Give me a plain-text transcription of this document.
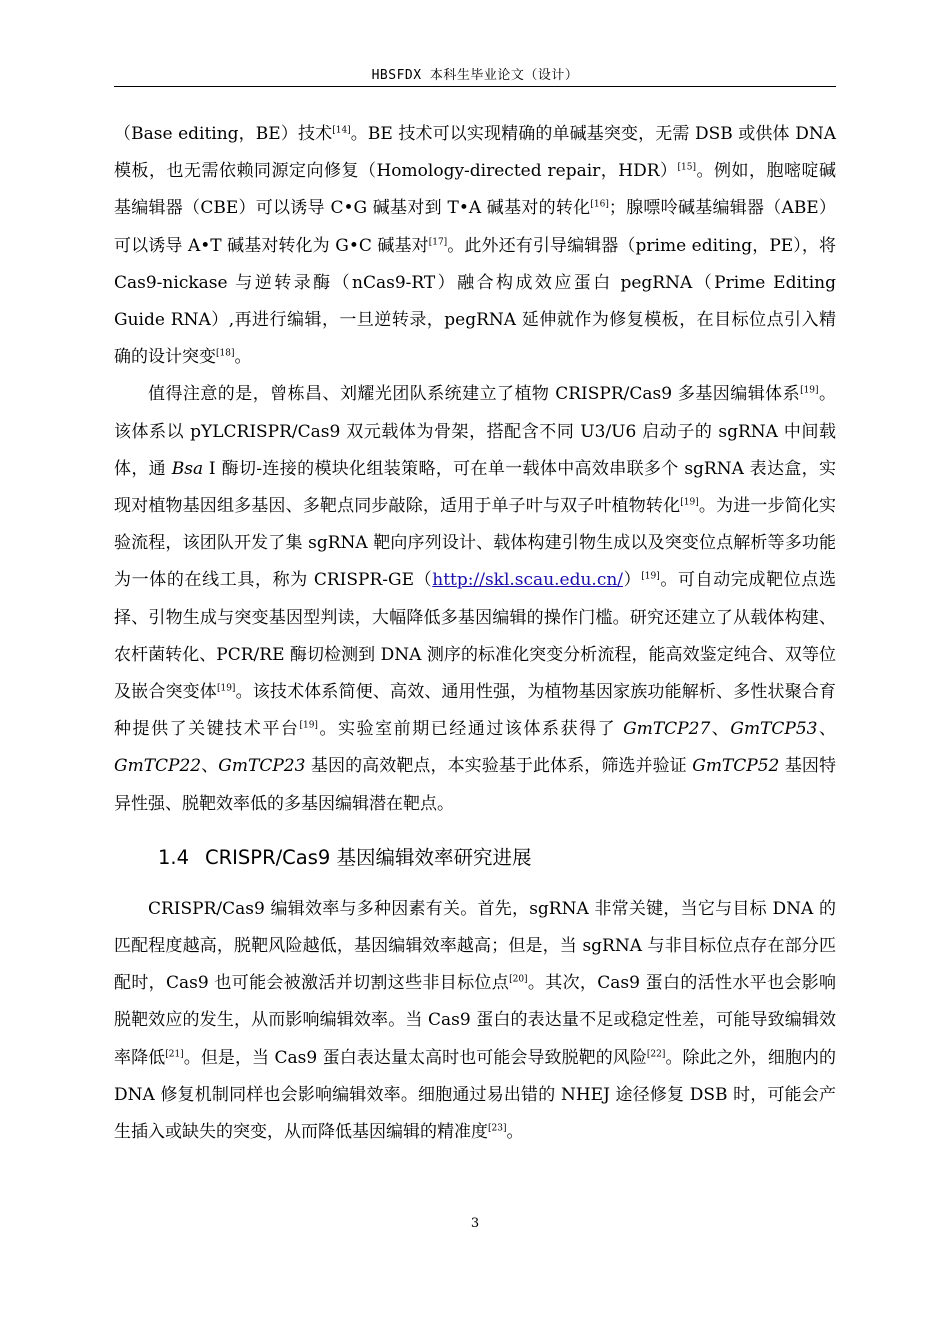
HBSFDX 本科生毕业论文（设计）

（Base editing，BE）技术[14]。BE 技术可以实现精确的单碱基突变，无需 DSB 或供体 DNA 模板，也无需依赖同源定向修复（Homology-directed repair，HDR）[15]。例如，胞嘧啶碱基编辑器（CBE）可以诱导 C•G 碱基对到 T•A 碱基对的转化[16]；腺嘌呤碱基编辑器（ABE）可以诱导 A•T 碱基对转化为 G•C 碱基对[17]。此外还有引导编辑器（prime editing，PE），将 Cas9-nickase 与逆转录酶（nCas9-RT）融合构成效应蛋白 pegRNA（Prime Editing Guide RNA）,再进行编辑，一旦逆转录，pegRNA 延伸就作为修复模板，在目标位点引入精确的设计突变[18]。

值得注意的是，曾栋昌、刘耀光团队系统建立了植物 CRISPR/Cas9 多基因编辑体系[19]。该体系以 pYLCRISPR/Cas9 双元载体为骨架，搭配含不同 U3/U6 启动子的 sgRNA 中间载体，通 Bsa Ⅰ 酶切-连接的模块化组装策略，可在单一载体中高效串联多个 sgRNA 表达盒，实现对植物基因组多基因、多靶点同步敲除，适用于单子叶与双子叶植物转化[19]。为进一步简化实验流程，该团队开发了集 sgRNA 靶向序列设计、载体构建引物生成以及突变位点解析等多功能为一体的在线工具，称为 CRISPR-GE（http://skl.scau.edu.cn/）[19]。可自动完成靶位点选择、引物生成与突变基因型判读，大幅降低多基因编辑的操作门槛。研究还建立了从载体构建、农杆菌转化、PCR/RE 酶切检测到 DNA 测序的标准化突变分析流程，能高效鉴定纯合、双等位及嵌合突变体[19]。该技术体系简便、高效、通用性强，为植物基因家族功能解析、多性状聚合育种提供了关键技术平台[19]。实验室前期已经通过该体系获得了 GmTCP27、GmTCP53、GmTCP22、GmTCP23 基因的高效靶点，本实验基于此体系，筛选并验证 GmTCP52 基因特异性强、脱靶效率低的多基因编辑潜在靶点。

1.4 CRISPR/Cas9 基因编辑效率研究进展

CRISPR/Cas9 编辑效率与多种因素有关。首先，sgRNA 非常关键，当它与目标 DNA 的匹配程度越高，脱靶风险越低，基因编辑效率越高；但是，当 sgRNA 与非目标位点存在部分匹配时，Cas9 也可能会被激活并切割这些非目标位点[20]。其次，Cas9 蛋白的活性水平也会影响脱靶效应的发生，从而影响编辑效率。当 Cas9 蛋白的表达量不足或稳定性差，可能导致编辑效率降低[21]。但是，当 Cas9 蛋白表达量太高时也可能会导致脱靶的风险[22]。除此之外，细胞内的 DNA 修复机制同样也会影响编辑效率。细胞通过易出错的 NHEJ 途径修复 DSB 时，可能会产生插入或缺失的突变，从而降低基因编辑的精准度[23]。

3
